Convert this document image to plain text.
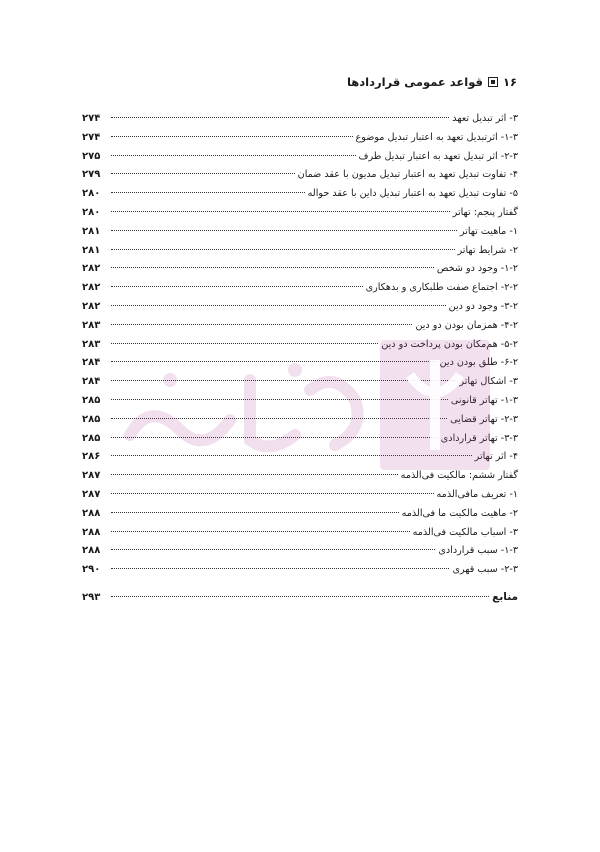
۱۶
قواعد عمومی قراردادها
۳- اثر تبدیل تعهد
۲۷۴
۱-۳- اثرتبدیل تعهد به اعتبار تبدیل موضوع
۲۷۴
۲-۳- اثر تبدیل تعهد به اعتبار تبدیل طرف
۲۷۵
۴- تفاوت تبدیل تعهد به اعتبار تبدیل مدیون با عقد ضمان
۲۷۹
۵- تفاوت تبدیل تعهد به اعتبار تبدیل داین با عقد حواله
۲۸۰
گفتار پنجم: تهاتر
۲۸۰
۱- ماهیت تهاتر
۲۸۱
۲- شرایط تهاتر
۲۸۱
۱-۲- وجود دو شخص
۲۸۲
۲-۲- اجتماع صفت طلبکاری و بدهکاری
۲۸۲
۳-۲- وجود دو دین
۲۸۲
۴-۲- همزمان بودن دو دین
۲۸۳
۵-۲- هم‌مکان بودن پرداخت دو دین
۲۸۳
۶-۲- طلق بودن دین
۲۸۴
۳- اشکال تهاتر
۲۸۴
۱-۳- تهاتر قانونی
۲۸۵
۲-۳- تهاتر قضایی
۲۸۵
۳-۳- تهاتر قراردادی
۲۸۵
۴- اثر تهاتر
۲۸۶
گفتار ششم: مالکیت فی‌الذمه
۲۸۷
۱- تعریف مافی‌الذمه
۲۸۷
۲- ماهیت مالکیت ما فی‌الذمه
۲۸۸
۳- اسباب مالکیت فی‌الذمه
۲۸۸
۱-۳- سبب قراردادی
۲۸۸
۲-۳- سبب قهری
۲۹۰
منابع
۲۹۳
